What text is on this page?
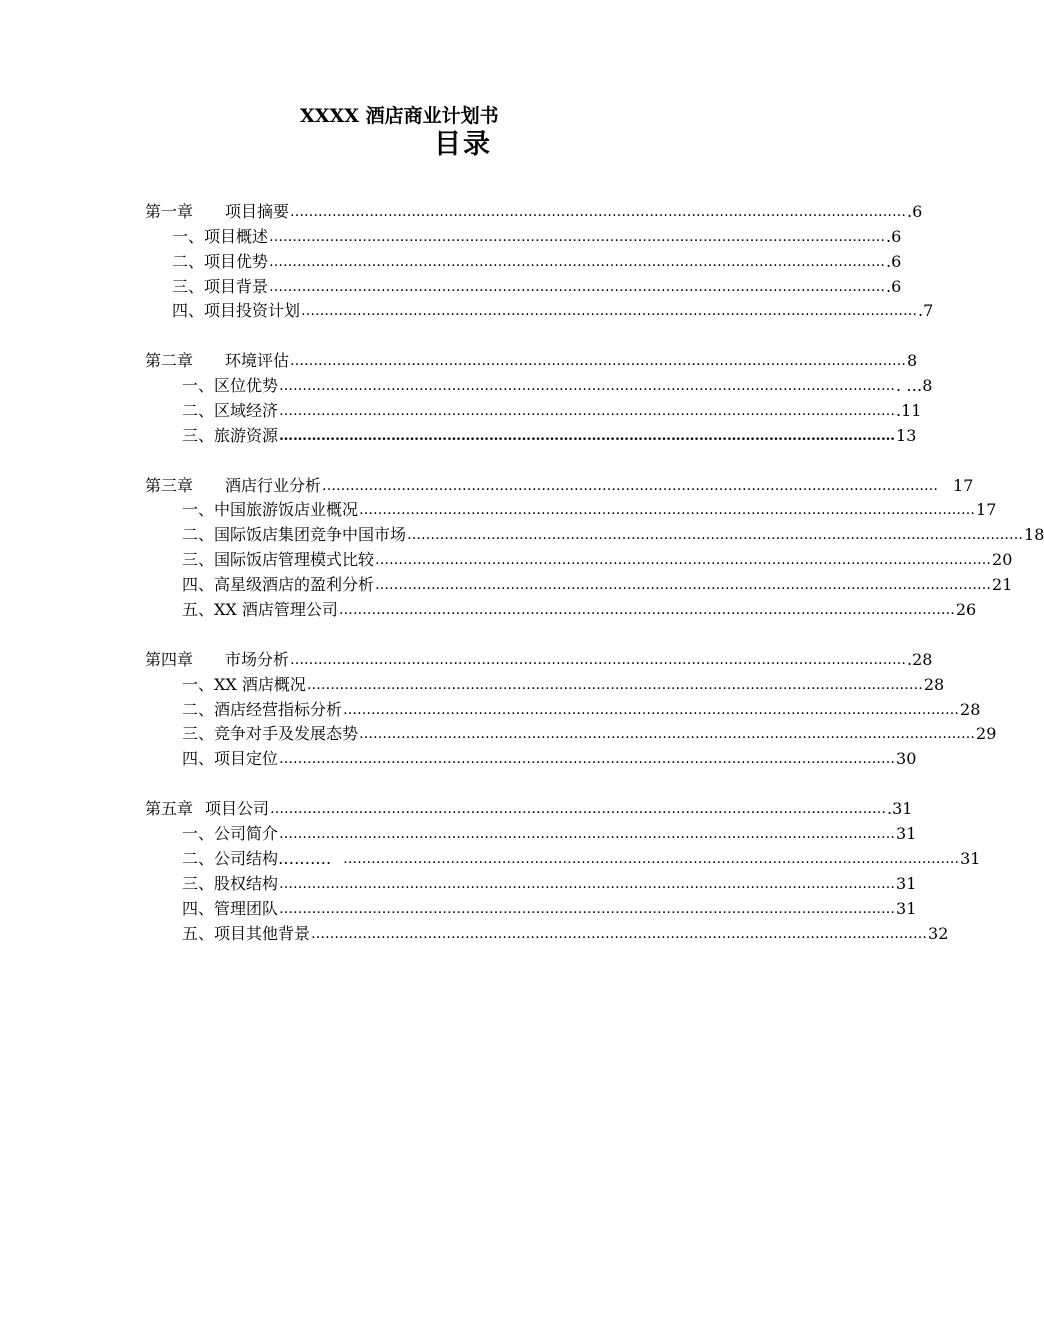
XXXX 酒店商业计划书
目录
第一章 项目摘要 …………………………………………………………………………………………………………………… .6
一、项目概述 …………………………………………………………………………………………………………………… .6
二、项目优势 …………………………………………………………………………………………………………………… .6
三、项目背景 …………………………………………………………………………………………………………………… .6
四、项目投资计划 …………………………………………………………………………………………………………………… .7
第二章 环境评估 …………………………………………………………………………………………………………………… 8
一、区位优势 …………………………………………………………………………………………………………………… . …8
二、区域经济 …………………………………………………………………………………………………………………… .11
三、旅游资源 …………………………………………………………………………………………………………………… 13
第三章 酒店行业分析 …………………………………………………………………………………………………………………… 17
一、中国旅游饭店业概况 …………………………………………………………………………………………………………………… 17
二、国际饭店集团竞争中国市场 …………………………………………………………………………………………………………………… 18
三、国际饭店管理模式比较 …………………………………………………………………………………………………………………… 20
四、高星级酒店的盈利分析 …………………………………………………………………………………………………………………… 21
五、XX 酒店管理公司 …………………………………………………………………………………………………………………… 26
第四章 市场分析 …………………………………………………………………………………………………………………… .28
一、XX 酒店概况 …………………………………………………………………………………………………………………… 28
二、酒店经营指标分析 …………………………………………………………………………………………………………………… 28
三、竞争对手及发展态势 …………………………………………………………………………………………………………………… 29
四、项目定位 …………………………………………………………………………………………………………………… 30
第五章 项目公司 …………………………………………………………………………………………………………………… .31
一、公司简介 …………………………………………………………………………………………………………………… 31
二、公司结构………. …………………………………………………………………………………………………………………… 31
三、股权结构 …………………………………………………………………………………………………………………… 31
四、管理团队 …………………………………………………………………………………………………………………… 31
五、项目其他背景 …………………………………………………………………………………………………………………… 32
